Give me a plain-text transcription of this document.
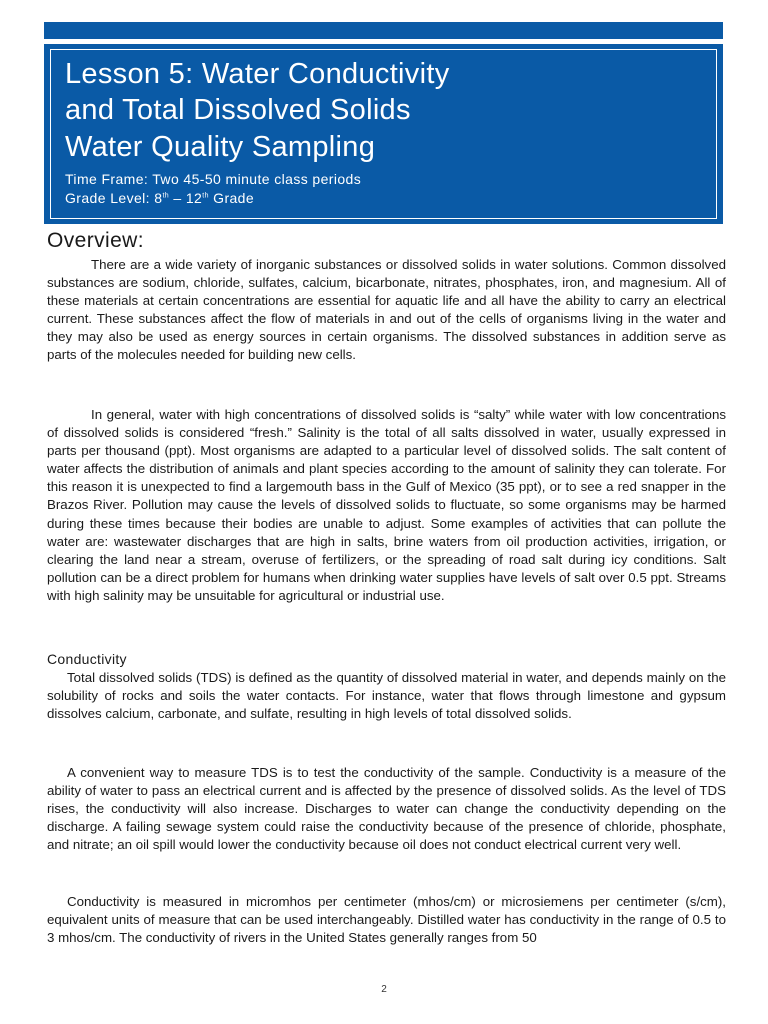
Lesson 5: Water Conductivity
and Total Dissolved Solids
Water Quality Sampling
Time Frame: Two 45-50 minute class periods
Grade Level: 8th – 12th Grade
Overview:

There are a wide variety of inorganic substances or dissolved solids in water solutions. Common dissolved substances are sodium, chloride, sulfates, calcium, bicarbonate, nitrates, phosphates, iron, and magnesium. All of these materials at certain concentrations are essential for aquatic life and all have the ability to carry an electrical current. These substances affect the flow of materials in and out of the cells of organisms living in the water and they may also be used as energy sources in certain organisms. The dissolved substances in addition serve as parts of the molecules needed for building new cells.

In general, water with high concentrations of dissolved solids is “salty” while water with low concentrations of dissolved solids is considered “fresh.” Salinity is the total of all salts dissolved in water, usually expressed in parts per thousand (ppt). Most organisms are adapted to a particular level of dissolved solids. The salt content of water affects the distribution of animals and plant species according to the amount of salinity they can tolerate. For this reason it is unexpected to find a largemouth bass in the Gulf of Mexico (35 ppt), or to see a red snapper in the Brazos River. Pollution may cause the levels of dissolved solids to fluctuate, so some organisms may be harmed during these times because their bodies are unable to adjust. Some examples of activities that can pollute the water are: wastewater discharges that are high in salts, brine waters from oil production activities, irrigation, or clearing the land near a stream, overuse of fertilizers, or the spreading of road salt during icy conditions. Salt pollution can be a direct problem for humans when drinking water supplies have levels of salt over 0.5 ppt. Streams with high salinity may be unsuitable for agricultural or industrial use.

Conductivity

Total dissolved solids (TDS) is defined as the quantity of dissolved material in water, and depends mainly on the solubility of rocks and soils the water contacts. For instance, water that flows through limestone and gypsum dissolves calcium, carbonate, and sulfate, resulting in high levels of total dissolved solids.

A convenient way to measure TDS is to test the conductivity of the sample. Conductivity is a measure of the ability of water to pass an electrical current and is affected by the presence of dissolved solids. As the level of TDS rises, the conductivity will also increase. Discharges to water can change the conductivity depending on the discharge. A failing sewage system could raise the conductivity because of the presence of chloride, phosphate, and nitrate; an oil spill would lower the conductivity because oil does not conduct electrical current very well.

Conductivity is measured in micromhos per centimeter (mhos/cm) or microsiemens per centimeter (s/cm), equivalent units of measure that can be used interchangeably. Distilled water has conductivity in the range of 0.5 to 3 mhos/cm. The conductivity of rivers in the United States generally ranges from 50

2
